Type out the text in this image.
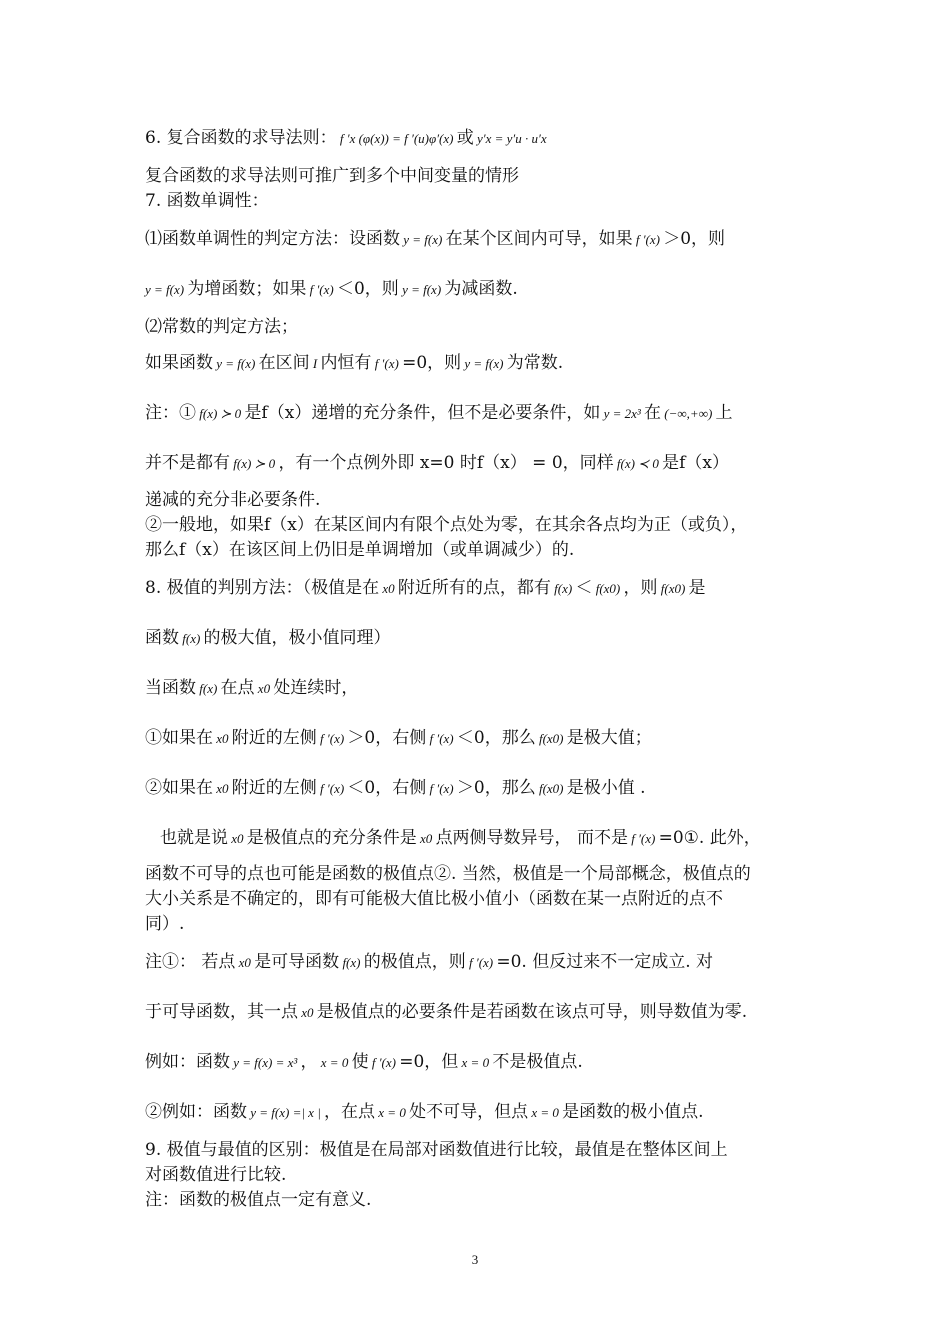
3
6. 复合函数的求导法则： f ′x (φ(x)) = f ′(u)φ′(x) 或 y′x = y′u · u′x
复合函数的求导法则可推广到多个中间变量的情形
7. 函数单调性：
⑴函数单调性的判定方法：设函数 y = f(x) 在某个区间内可导，如果 f ′(x) ＞0，则
y = f(x) 为增函数；如果 f ′(x) ＜0，则 y = f(x) 为减函数.
⑵常数的判定方法；
如果函数 y = f(x) 在区间 I 内恒有 f ′(x) =0，则 y = f(x) 为常数.
注：① f(x) ≻ 0 是f（x）递增的充分条件，但不是必要条件，如 y = 2x³ 在 (−∞,+∞) 上
并不是都有 f(x) ≻ 0 ，有一个点例外即 x=0 时f（x） = 0，同样 f(x) ≺ 0 是f（x）
递减的充分非必要条件.
②一般地，如果f（x）在某区间内有限个点处为零，在其余各点均为正（或负），
那么f（x）在该区间上仍旧是单调增加（或单调减少）的.
8. 极值的判别方法：（极值是在 x0 附近所有的点，都有 f(x) ＜ f(x0) ，则 f(x0) 是
函数 f(x) 的极大值，极小值同理）
当函数 f(x) 在点 x0 处连续时，
①如果在 x0 附近的左侧 f ′(x) ＞0，右侧 f ′(x) ＜0，那么 f(x0) 是极大值；
②如果在 x0 附近的左侧 f ′(x) ＜0，右侧 f ′(x) ＞0，那么 f(x0) 是极小值 .
也就是说 x0 是极值点的充分条件是 x0 点两侧导数异号， 而不是 f ′(x) =0①. 此外，
函数不可导的点也可能是函数的极值点②. 当然，极值是一个局部概念，极值点的
大小关系是不确定的，即有可能极大值比极小值小（函数在某一点附近的点不
同）.
注①： 若点 x0 是可导函数 f(x) 的极值点，则 f ′(x) =0. 但反过来不一定成立. 对
于可导函数，其一点 x0 是极值点的必要条件是若函数在该点可导，则导数值为零.
例如：函数 y = f(x) = x³ ， x = 0 使 f ′(x) =0，但 x = 0 不是极值点.
②例如：函数 y = f(x) =| x | ，在点 x = 0 处不可导，但点 x = 0 是函数的极小值点.
9. 极值与最值的区别：极值是在局部对函数值进行比较，最值是在整体区间上
对函数值进行比较.
注：函数的极值点一定有意义.
